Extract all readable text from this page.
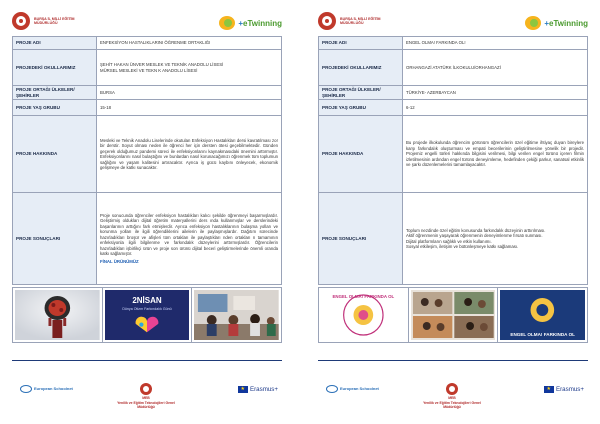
BURSA İL MİLLİ EĞİTİM MÜDÜRLÜĞÜ	+eTwinning
PROJE ADI	ENFEKSİYON HASTALIKLARINI ÖĞRENME ORTAKLIĞI
PROJEDEKİ OKULLARIMIZ	ŞEHİT HAKAN ÜNVER MESLEK VE TEKNİK ANADOLU LİSESİ
MÜRSEL MESLEKİ VE TEKN K ANADOLU LİSESİ

PROJE ORTAĞI ÜLKELER/ŞEHİRLER	BURSA
PROJE YAŞ GRUBU	15-18
PROJE HAKKINDA	Mesleki ve Teknik Anadolu Liselerinde okutulan Enfeksiyon Hastalıkları dersi kavratılması zor bir derstir. Soyut olması neden ile öğrenci her için dersten ötesi geçebilmektedir. Günden geçerek olduğumuz pandemi süreci ile enfeksiyonlarını kaynakmasıdaki önemini arttırmıştır. Enfeksiyonlarını nasıl bulaştığını ve bunlardan nasıl korunacağımızı öğrenmek tüm toplumun sağlığını ve yaşam kalitesini artıracaktır. Ayrıca iş gücü kaybını önleyecek, ekonomik gelişmeye de katkı sunacaktır.
PROJE SONUÇLARI	Proje sonucunda öğrenciler enfeksiyon hastalıkları kalıcı şekilde öğrenmeyi başarmışlardır. Geliştirmiş oldukları dijital öğretim materyallerini ders ında kullanmışlar ve derslerindeki başarılarının arttığını fark etmişlerdir. Ayrıca enfeksiyon hastalıklarının bulaşma yolları ve korunma yolları ile ilgili öğrendiklerini ailelerin ile paylaşmışlardır. Dağıtım sürecinde hazırladıkları broşür ve afişleri tüm ortakları ile paylaştıkları nden ortakları n tamamının enfeksiyonla ilgili bilgilenme ve farkındalık düzeylerini arttırmışlardır. Öğrencilerin hazırladıkları işbirlikçi ürün ve proje son ürünü dijital beceri geliştirmelerinde önemli oranda katkı sağlamıştır.
FİNAL ÜRÜNÜMÜZ
2NİSAN
Dünya Otizm Farkındalık Günü
European Schoolnet
MEB
Yenilik ve Eğitim Teknolojileri Genel Müdürlüğü
★
Erasmus+
BURSA İL MİLLİ EĞİTİM MÜDÜRLÜĞÜ	+eTwinning
PROJE ADI	ENGEL OLMA! FARKINDA OL!
PROJEDEKİ OKULLARIMIZ	ORHANGAZİ ATATÜRK İLKOKULU/ORHANGAZİ
PROJE ORTAĞI ÜLKELER/ŞEHİRLER	TÜRKİYE- AZERBAYCAN
PROJE YAŞ GRUBU	6-12
PROJE HAKKINDA	Bu projede ilkokulunda öğrencim görünüm öğrencilerin özel eğitime ihtiyaç duyan bireylere karşı farkındalık oluşturması ve empati becerilerinin geliştirilmesine yönelik bir projedir. Projemiz engelli türleri hakkında bilgisini verilmesi, bilgi verilen engel türünü içeren filmin izletilmesinin ardından engel türünü deneyimleme, hedefinden çekiği parkur, sanatsal etkinlik ve şarkı düzenlemelerini tamamlayacaktır.
PROJE SONUÇLARI	Toplum nezdinde özel eğitim konusunda farkındalık düzeyinin arttırılması.
Aktif öğrenmenin yaşayarak öğrenmenin deneyimlenme fırsatı sunması.
Dijital platformların sağlıklı ve etkin kullanımı.
Sosyal etkileşim, iletişim ve bütünleşmeye katkı sağlaması.
ENGEL OLMA! FARKINDA OL
ENGEL OLMA! FARKINDA OL
European Schoolnet
MEB
Yenilik ve Eğitim Teknolojileri Genel Müdürlüğü
★
Erasmus+
